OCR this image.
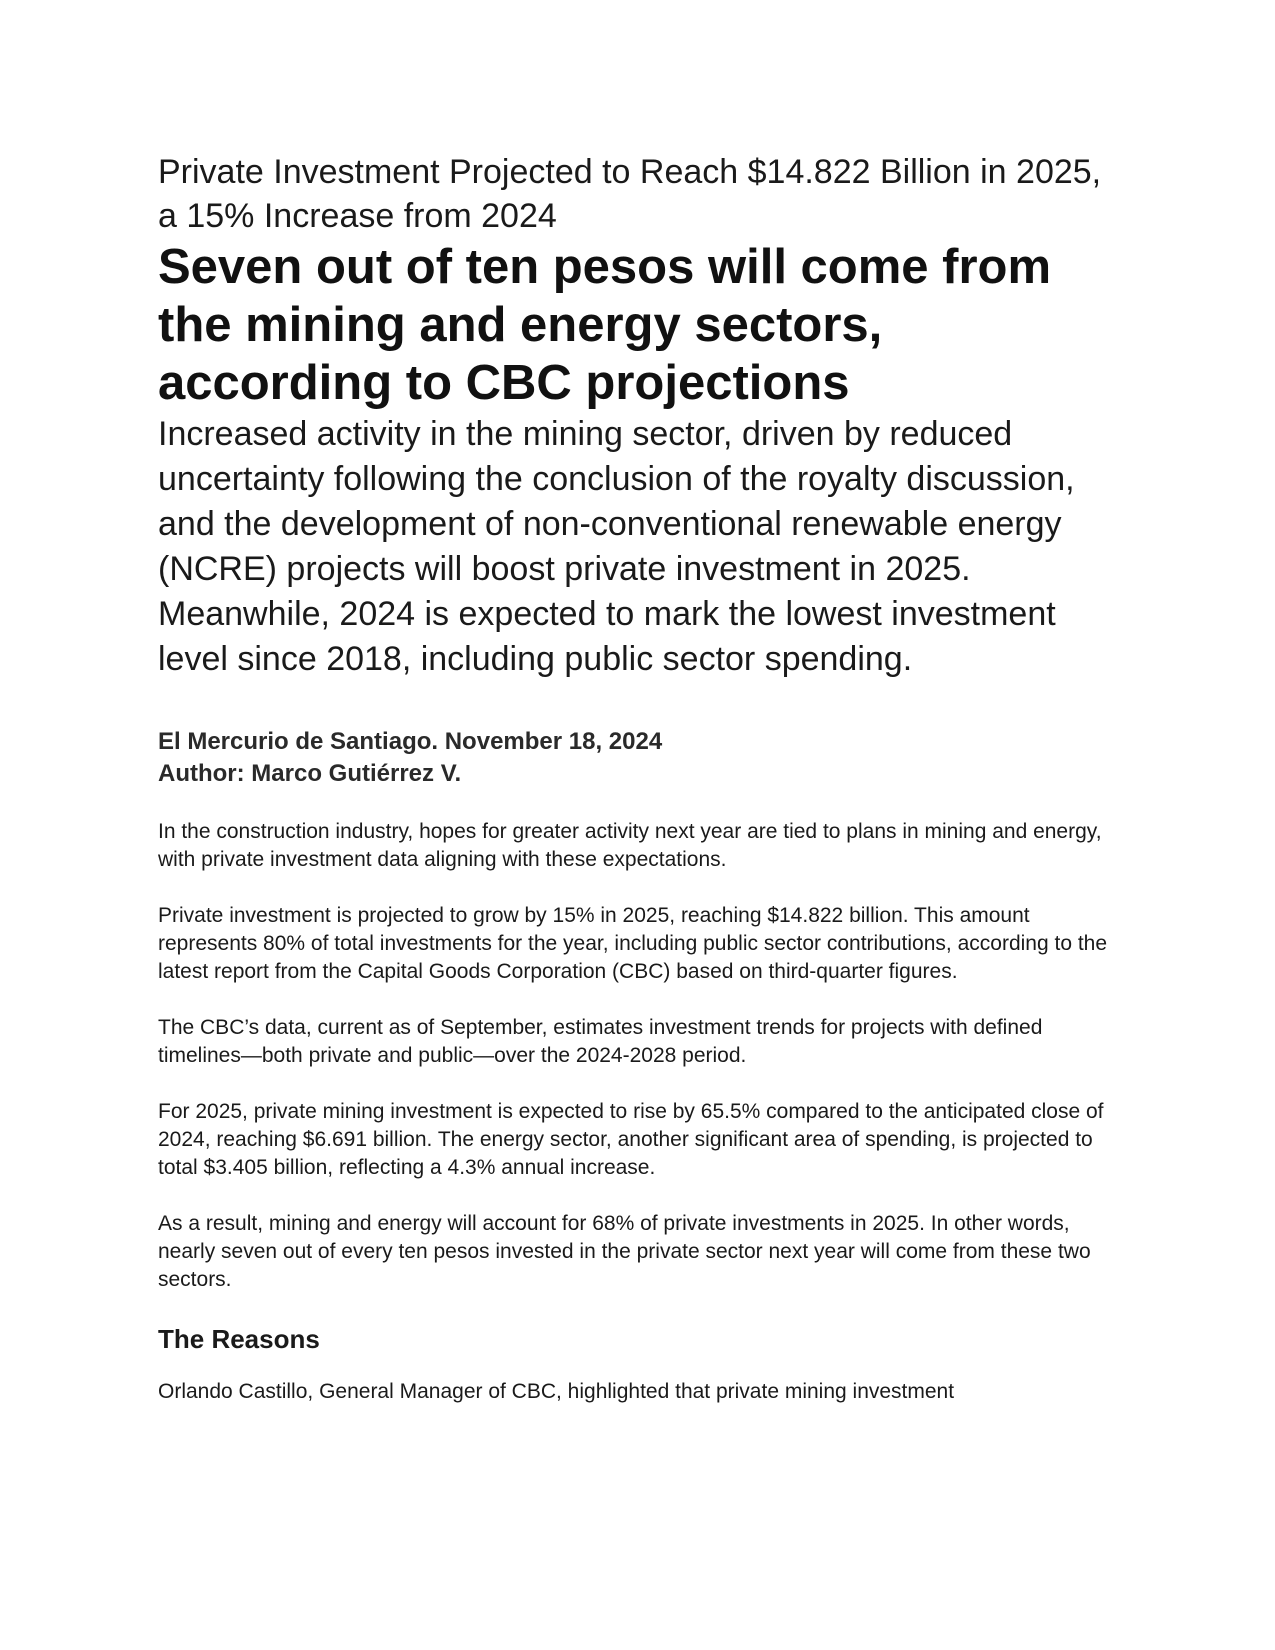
Private Investment Projected to Reach $14.822 Billion in 2025, a 15% Increase from 2024
Seven out of ten pesos will come from the mining and energy sectors, according to CBC projections

Increased activity in the mining sector, driven by reduced uncertainty following the conclusion of the royalty discussion, and the development of non-conventional renewable energy (NCRE) projects will boost private investment in 2025. Meanwhile, 2024 is expected to mark the lowest investment level since 2018, including public sector spending.

El Mercurio de Santiago. November 18, 2024
Author: Marco Gutiérrez V.

In the construction industry, hopes for greater activity next year are tied to plans in mining and energy, with private investment data aligning with these expectations.

Private investment is projected to grow by 15% in 2025, reaching $14.822 billion. This amount represents 80% of total investments for the year, including public sector contributions, according to the latest report from the Capital Goods Corporation (CBC) based on third-quarter figures.

The CBC’s data, current as of September, estimates investment trends for projects with defined timelines—both private and public—over the 2024-2028 period.

For 2025, private mining investment is expected to rise by 65.5% compared to the anticipated close of 2024, reaching $6.691 billion. The energy sector, another significant area of spending, is projected to total $3.405 billion, reflecting a 4.3% annual increase.

As a result, mining and energy will account for 68% of private investments in 2025. In other words, nearly seven out of every ten pesos invested in the private sector next year will come from these two sectors.

The Reasons

Orlando Castillo, General Manager of CBC, highlighted that private mining investment
